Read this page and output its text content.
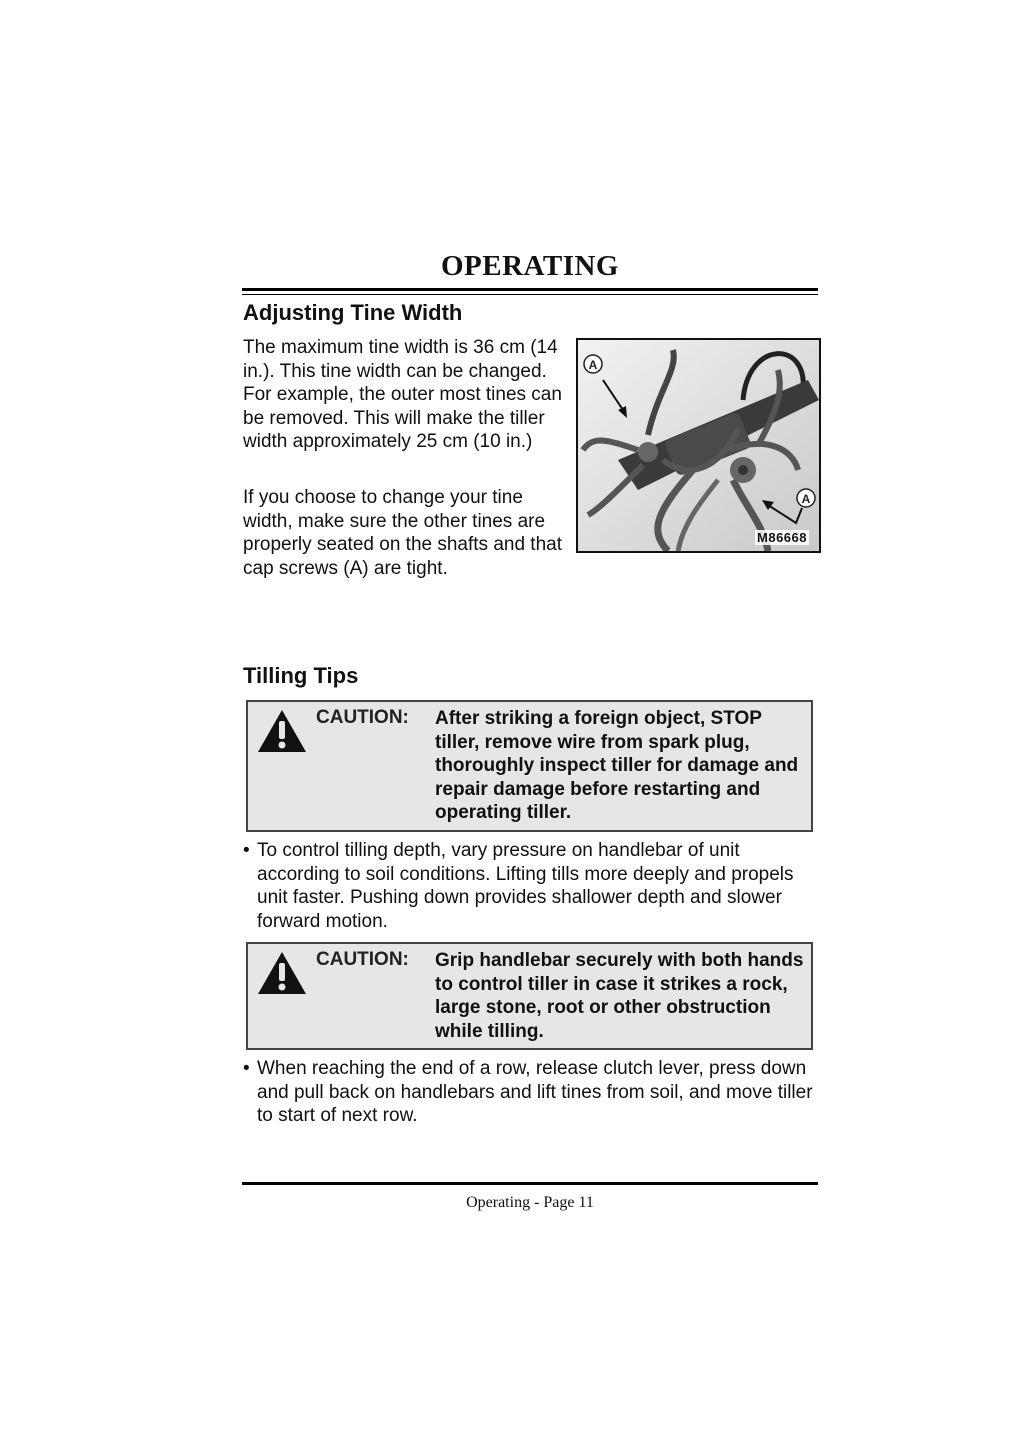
OPERATING
Adjusting Tine Width

The maximum tine width is 36 cm (14 in.). This tine width can be changed. For example, the outer most tines can be removed. This will make the tiller width approximately 25 cm (10 in.)

If you choose to change your tine width, make sure the other tines are properly seated on the shafts and that cap screws (A) are tight.

A
A
M86668
Tilling Tips
CAUTION: After striking a foreign object, STOP tiller, remove wire from spark plug, thoroughly inspect tiller for damage and repair damage before restarting and operating tiller.

• To control tilling depth, vary pressure on handlebar of unit according to soil conditions. Lifting tills more deeply and propels unit faster. Pushing down provides shallower depth and slower forward motion.

CAUTION: Grip handlebar securely with both hands to control tiller in case it strikes a rock, large stone, root or other obstruction while tilling.

• When reaching the end of a row, release clutch lever, press down and pull back on handlebars and lift tines from soil, and move tiller to start of next row.

Operating - Page 11
